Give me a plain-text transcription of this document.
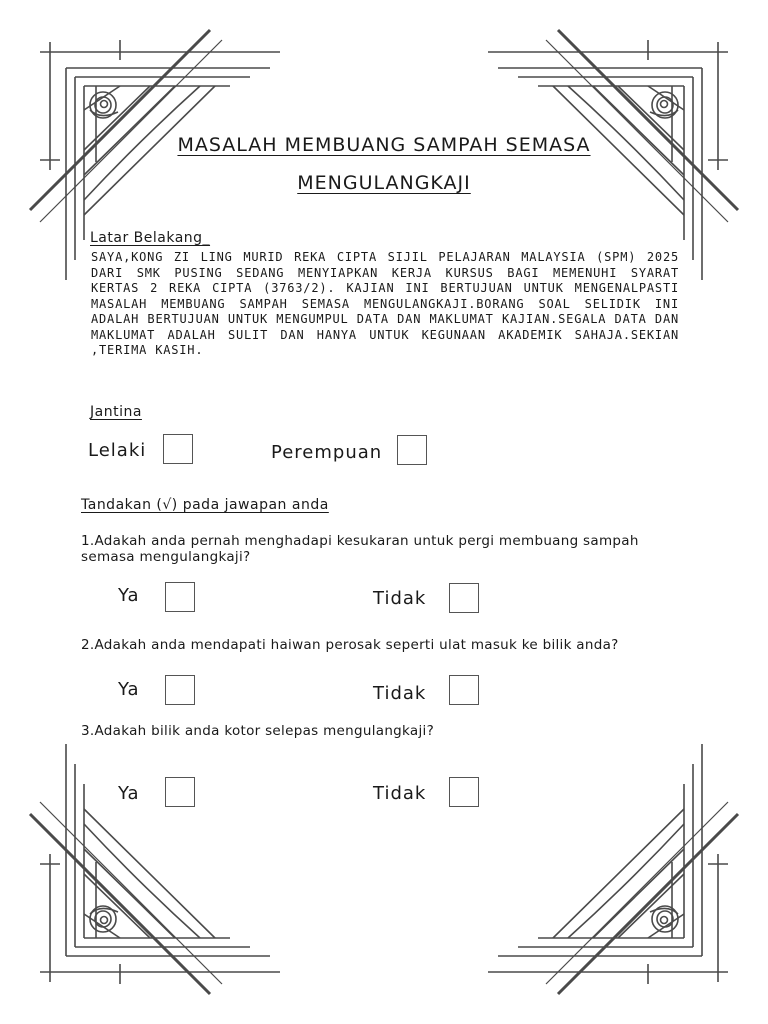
MASALAH MEMBUANG SAMPAH SEMASA
MENGULANGKAJI
Latar Belakang_
SAYA,KONG ZI LING MURID REKA CIPTA SIJIL PELAJARAN MALAYSIA (SPM) 2025 DARI SMK PUSING SEDANG MENYIAPKAN KERJA KURSUS BAGI MEMENUHI SYARAT KERTAS 2 REKA CIPTA (3763/2). KAJIAN INI BERTUJUAN UNTUK MENGENALPASTI MASALAH MEMBUANG SAMPAH SEMASA MENGULANGKAJI.BORANG SOAL SELIDIK INI ADALAH BERTUJUAN UNTUK MENGUMPUL DATA DAN MAKLUMAT KAJIAN.SEGALA DATA DAN MAKLUMAT ADALAH SULIT DAN HANYA UNTUK KEGUNAAN AKADEMIK SAHAJA.SEKIAN ,TERIMA KASIH.
Jantina
Lelaki	Perempuan
Tandakan (√) pada jawapan anda
1.Adakah anda pernah menghadapi kesukaran untuk pergi membuang sampah semasa mengulangkaji?
Ya	Tidak
2.Adakah anda mendapati haiwan perosak seperti ulat masuk ke bilik anda?
Ya	Tidak
3.Adakah bilik anda kotor selepas mengulangkaji?
Ya	Tidak
